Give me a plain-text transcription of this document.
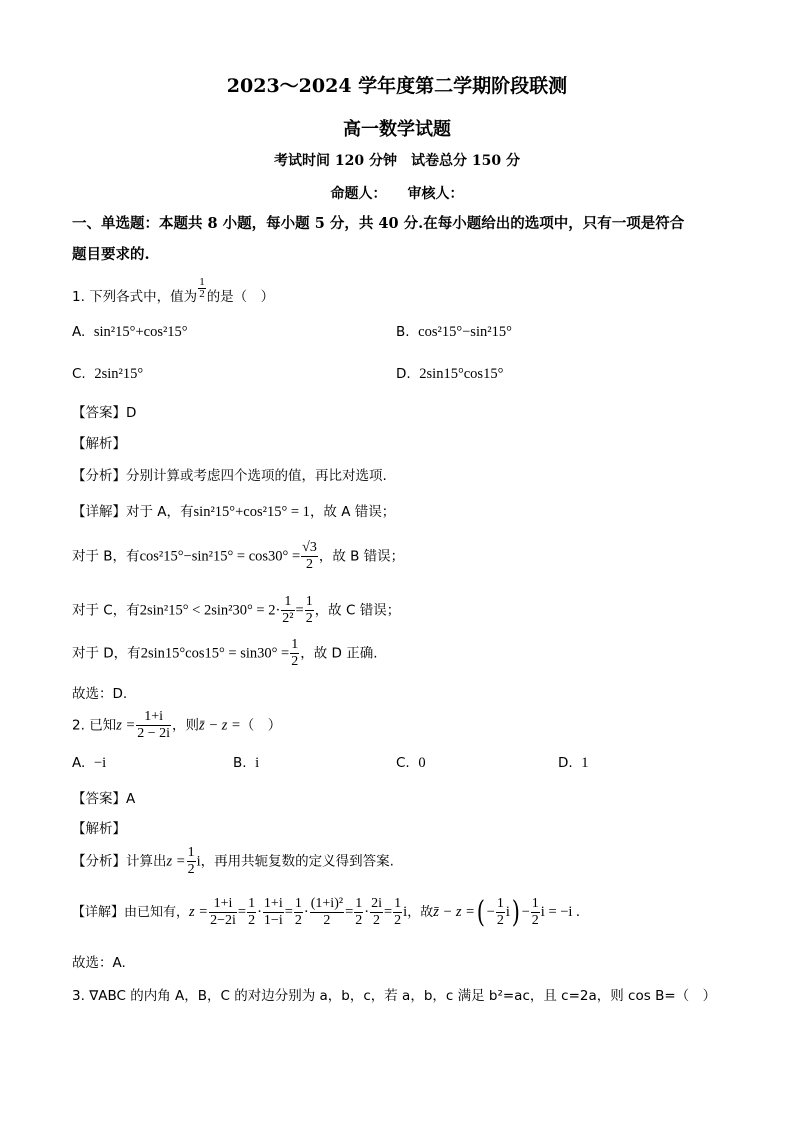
2023～2024 学年度第二学期阶段联测
高一数学试题
考试时间 120 分钟　试卷总分 150 分
命题人：　　审核人：
一、单选题：本题共 8 小题，每小题 5 分，共 40 分.在每小题给出的选项中，只有一项是符合
题目要求的.
1. 下列各式中，值为 $\frac{1}{2}$ 的是（　）
A. sin²15°+cos²15°	B. cos²15°−sin²15°
C. 2sin²15°	D. 2sin15°cos15°
【答案】D
【解析】
【分析】分别计算或考虑四个选项的值，再比对选项.
【详解】对于 A，有sin²15°+cos²15° = 1，故 A 错误；
对于 B，有$\cos^215^\circ-\sin^215^\circ = \cos 30^\circ = \frac{√3}{2}$ ，故 B 错误；
对于 C，有$2\sin^215^\circ < 2\sin^230^\circ = 2\cdot \frac{1}{\text{2²}} = \frac{1}{2}$ ，故 C 错误；
对于 D，有$2\sin 15^\circ\cos 15^\circ = \sin 30^\circ = \frac{1}{2}$ ，故 D 正确.
故选：D.
2. 已知$z = \frac{1+i}{2 - 2i}$ ，则z̄ − z =（　）
A. −i	B. i	C. 0	D. 1
【答案】A
【解析】
【分析】计算出$z = \frac{1}{2}$ i，再用共轭复数的定义得到答案.
【详解】由已知有，$z = \frac{1+i}{2-2i} = \frac{1}{2} \cdot \frac{1+i}{1-i} = \frac{1}{2} \cdot \frac{\text{(1+i)²}}{2} = \frac{1}{2} \cdot \frac{2i}{2} = \frac{1}{2}$ i，故z̄ − z =( − $\frac{1}{2} i) - \frac{1}{2}$ i = −i .
故选：A.
3. ∇ABC 的内角 A，B，C 的对边分别为 a，b，c，若 a，b，c 满足 b²=ac，且 c=2a，则 cos B=（　）
